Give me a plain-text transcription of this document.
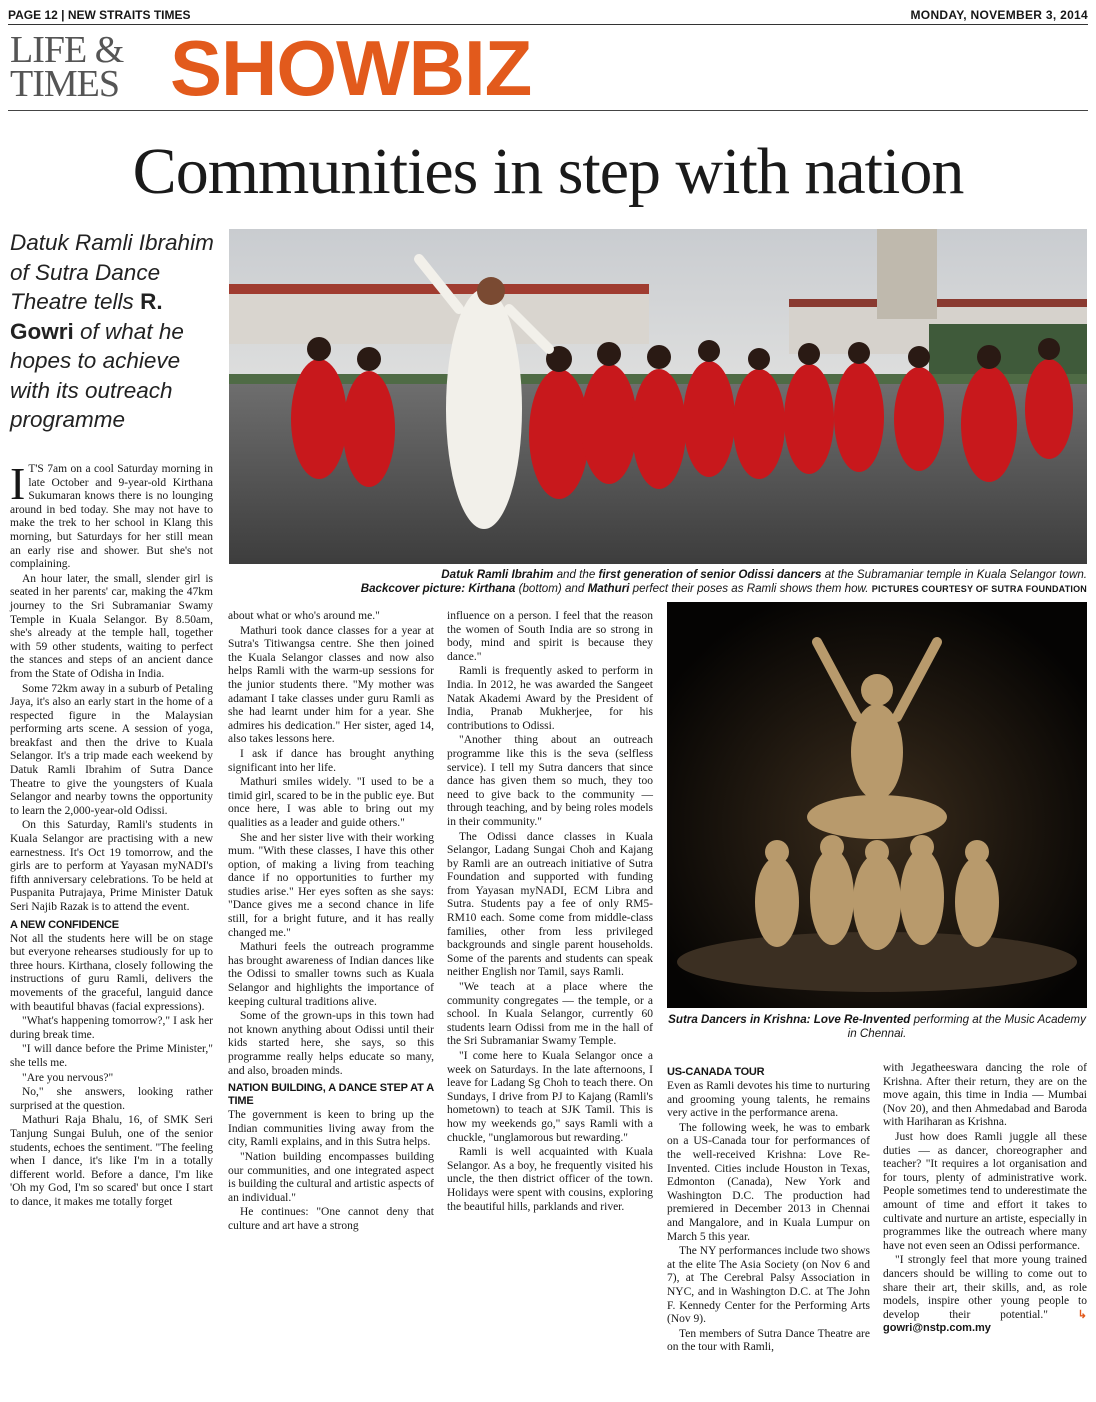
PAGE 12 | NEW STRAITS TIMES	MONDAY, NOVEMBER 3, 2014
LIFE &
TIMES SHOWBIZ
Communities in step with nation
Datuk Ramli Ibrahim of Sutra Dance Theatre tells R. Gowri of what he hopes to achieve with its outreach programme
Datuk Ramli Ibrahim and the first generation of senior Odissi dancers at the Subramaniar temple in Kuala Selangor town.
Backcover picture: Kirthana (bottom) and Mathuri perfect their poses as Ramli shows them how. PICTURES COURTESY OF SUTRA FOUNDATION
Sutra Dancers in Krishna: Love Re-Invented performing at the Music Academy in Chennai.

I T'S 7am on a cool Saturday morning in late October and 9-year-old Kirthana Sukumaran knows there is no lounging around in bed today. She may not have to make the trek to her school in Klang this morning, but Saturdays for her still mean an early rise and shower. But she's not complaining.

An hour later, the small, slender girl is seated in her parents' car, making the 47km journey to the Sri Subramaniar Swamy Temple in Kuala Selangor. By 8.50am, she's already at the temple hall, together with 59 other students, waiting to perfect the stances and steps of an ancient dance from the State of Odisha in India.

Some 72km away in a suburb of Petaling Jaya, it's also an early start in the home of a respected figure in the Malaysian performing arts scene. A session of yoga, breakfast and then the drive to Kuala Selangor. It's a trip made each weekend by Datuk Ramli Ibrahim of Sutra Dance Theatre to give the youngsters of Kuala Selangor and nearby towns the opportunity to learn the 2,000-year-old Odissi.

On this Saturday, Ramli's students in Kuala Selangor are practising with a new earnestness. It's Oct 19 tomorrow, and the girls are to perform at Yayasan myNADI's fifth anniversary celebrations. To be held at Puspanita Putrajaya, Prime Minister Datuk Seri Najib Razak is to attend the event.

A NEW CONFIDENCE

Not all the students here will be on stage but everyone rehearses studiously for up to three hours. Kirthana, closely following the instructions of guru Ramli, delivers the movements of the graceful, languid dance with beautiful bhavas (facial expressions).

"What's happening tomorrow?," I ask her during break time.

"I will dance before the Prime Minister," she tells me.

"Are you nervous?"

No," she answers, looking rather surprised at the question.

Mathuri Raja Bhalu, 16, of SMK Seri Tanjung Sungai Buluh, one of the senior students, echoes the sentiment. "The feeling when I dance, it's like I'm in a totally different world. Before a dance, I'm like 'Oh my God, I'm so scared' but once I start to dance, it makes me totally forget

about what or who's around me."

Mathuri took dance classes for a year at Sutra's Titiwangsa centre. She then joined the Kuala Selangor classes and now also helps Ramli with the warm-up sessions for the junior students there. "My mother was adamant I take classes under guru Ramli as she had learnt under him for a year. She admires his dedication." Her sister, aged 14, also takes lessons here.

I ask if dance has brought anything significant into her life.

Mathuri smiles widely. "I used to be a timid girl, scared to be in the public eye. But once here, I was able to bring out my qualities as a leader and guide others."

She and her sister live with their working mum. "With these classes, I have this other option, of making a living from teaching dance if no opportunities to further my studies arise." Her eyes soften as she says: "Dance gives me a second chance in life still, for a bright future, and it has really changed me."

Mathuri feels the outreach programme has brought awareness of Indian dances like the Odissi to smaller towns such as Kuala Selangor and highlights the importance of keeping cultural traditions alive.

Some of the grown-ups in this town had not known anything about Odissi until their kids started here, she says, so this programme really helps educate so many, and also, broaden minds.

NATION BUILDING, A DANCE STEP AT A TIME

The government is keen to bring up the Indian communities living away from the city, Ramli explains, and in this Sutra helps.

"Nation building encompasses building our communities, and one integrated aspect is building the cultural and artistic aspects of an individual."

He continues: "One cannot deny that culture and art have a strong

influence on a person. I feel that the reason the women of South India are so strong in body, mind and spirit is because they dance."

Ramli is frequently asked to perform in India. In 2012, he was awarded the Sangeet Natak Akademi Award by the President of India, Pranab Mukherjee, for his contributions to Odissi.

"Another thing about an outreach programme like this is the seva (selfless service). I tell my Sutra dancers that since dance has given them so much, they too need to give back to the community — through teaching, and by being roles models in their community."

The Odissi dance classes in Kuala Selangor, Ladang Sungai Choh and Kajang by Ramli are an outreach initiative of Sutra Foundation and supported with funding from Yayasan myNADI, ECM Libra and Sutra. Students pay a fee of only RM5-RM10 each. Some come from middle-class families, other from less privileged backgrounds and single parent households. Some of the parents and students can speak neither English nor Tamil, says Ramli.

"We teach at a place where the community congregates — the temple, or a school. In Kuala Selangor, currently 60 students learn Odissi from me in the hall of the Sri Subramaniar Swamy Temple.

"I come here to Kuala Selangor once a week on Saturdays. In the late afternoons, I leave for Ladang Sg Choh to teach there. On Sundays, I drive from PJ to Kajang (Ramli's hometown) to teach at SJK Tamil. This is how my weekends go," says Ramli with a chuckle, "unglamorous but rewarding."

Ramli is well acquainted with Kuala Selangor. As a boy, he frequently visited his uncle, the then district officer of the town. Holidays were spent with cousins, exploring the beautiful hills, parklands and river.

US-CANADA TOUR

Even as Ramli devotes his time to nurturing and grooming young talents, he remains very active in the performance arena.

The following week, he was to embark on a US-Canada tour for performances of the well-received Krishna: Love Re-Invented. Cities include Houston in Texas, Edmonton (Canada), New York and Washington D.C. The production had premiered in December 2013 in Chennai and Mangalore, and in Kuala Lumpur on March 5 this year.

The NY performances include two shows at the elite The Asia Society (on Nov 6 and 7), at The Cerebral Palsy Association in NYC, and in Washington D.C. at The John F. Kennedy Center for the Performing Arts (Nov 9).

Ten members of Sutra Dance Theatre are on the tour with Ramli,

with Jegatheeswara dancing the role of Krishna. After their return, they are on the move again, this time in India — Mumbai (Nov 20), and then Ahmedabad and Baroda with Hariharan as Krishna.

Just how does Ramli juggle all these duties — as dancer, choreographer and teacher? "It requires a lot organisation and for tours, plenty of administrative work. People sometimes tend to underestimate the amount of time and effort it takes to cultivate and nurture an artiste, especially in programmes like the outreach where many have not even seen an Odissi performance.

"I strongly feel that more young trained dancers should be willing to come out to share their art, their skills, and, as role models, inspire other young people to develop their potential."	↳ gowri@nstp.com.my
